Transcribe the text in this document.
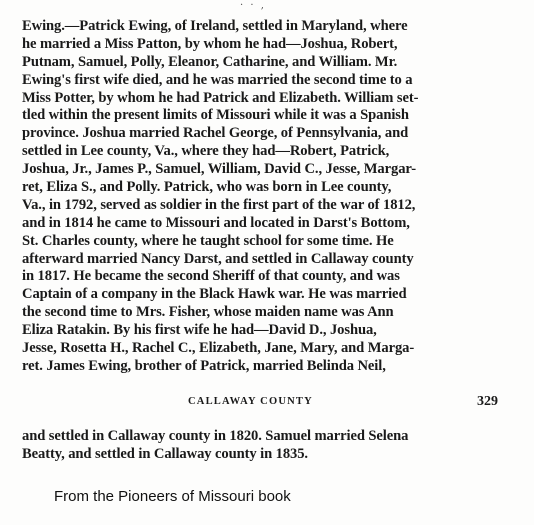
· · ,
Ewing.—Patrick Ewing, of Ireland, settled in Maryland, where
he married a Miss Patton, by whom he had—Joshua, Robert,
Putnam, Samuel, Polly, Eleanor, Catharine, and William. Mr.
Ewing's first wife died, and he was married the second time to a
Miss Potter, by whom he had Patrick and Elizabeth. William set-
tled within the present limits of Missouri while it was a Spanish
province. Joshua married Rachel George, of Pennsylvania, and
settled in Lee county, Va., where they had—Robert, Patrick,
Joshua, Jr., James P., Samuel, William, David C., Jesse, Margar-
ret, Eliza S., and Polly. Patrick, who was born in Lee county,
Va., in 1792, served as soldier in the first part of the war of 1812,
and in 1814 he came to Missouri and located in Darst's Bottom,
St. Charles county, where he taught school for some time. He
afterward married Nancy Darst, and settled in Callaway county
in 1817. He became the second Sheriff of that county, and was
Captain of a company in the Black Hawk war. He was married
the second time to Mrs. Fisher, whose maiden name was Ann
Eliza Ratakin. By his first wife he had—David D., Joshua,
Jesse, Rosetta H., Rachel C., Elizabeth, Jane, Mary, and Marga-
ret. James Ewing, brother of Patrick, married Belinda Neil,
CALLAWAY COUNTY	329
and settled in Callaway county in 1820. Samuel married Selena
Beatty, and settled in Callaway county in 1835.
From the Pioneers of Missouri book
